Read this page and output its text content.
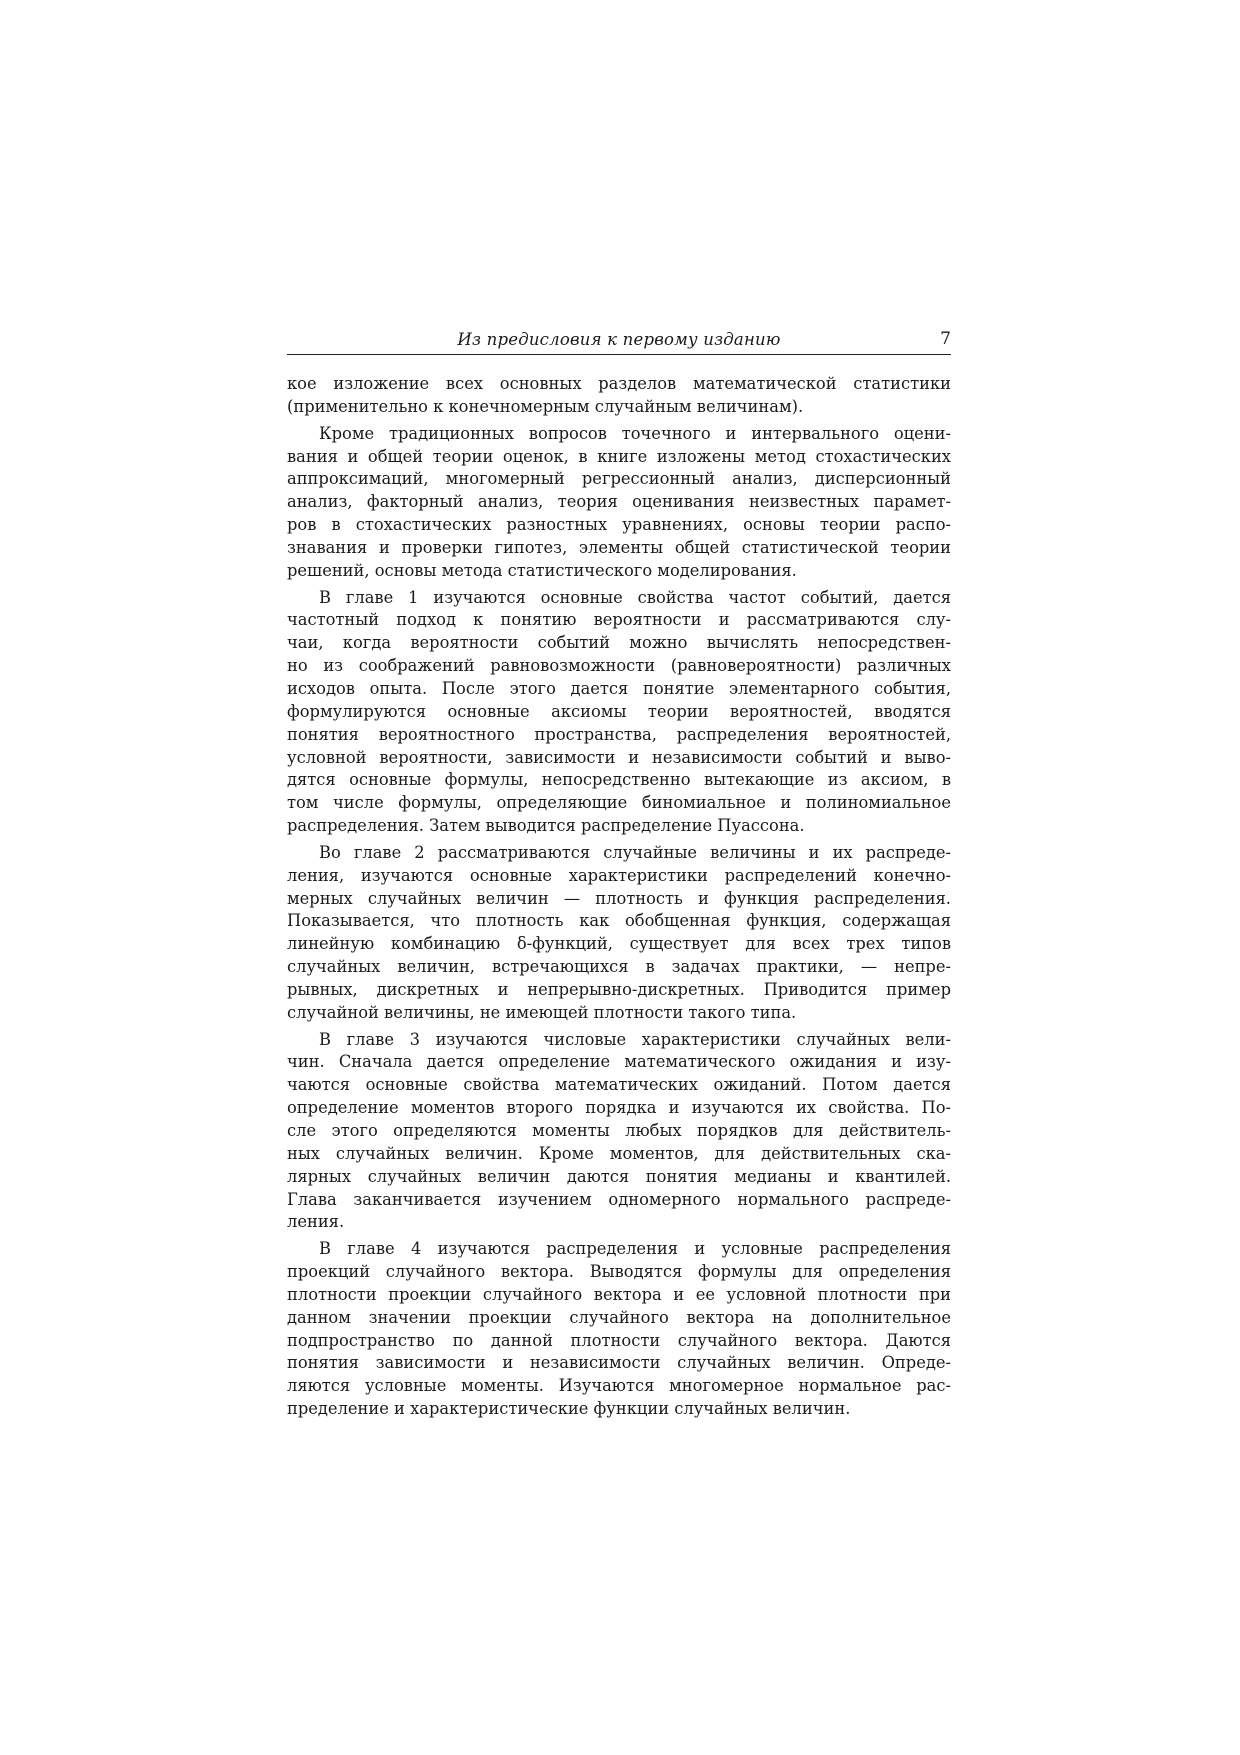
Из предисловия к первому изданию	7
кое изложение всех основных разделов математической статистики
(применительно к конечномерным случайным величинам).
Кроме традиционных вопросов точечного и интервального оцени-
вания и общей теории оценок, в книге изложены метод стохастических
аппроксимаций, многомерный регрессионный анализ, дисперсионный
анализ, факторный анализ, теория оценивания неизвестных парамет-
ров в стохастических разностных уравнениях, основы теории распо-
знавания и проверки гипотез, элементы общей статистической теории
решений, основы метода статистического моделирования.
В главе 1 изучаются основные свойства частот событий, дается
частотный подход к понятию вероятности и рассматриваются слу-
чаи, когда вероятности событий можно вычислять непосредствен-
но из соображений равновозможности (равновероятности) различных
исходов опыта. После этого дается понятие элементарного события,
формулируются основные аксиомы теории вероятностей, вводятся
понятия вероятностного пространства, распределения вероятностей,
условной вероятности, зависимости и независимости событий и выво-
дятся основные формулы, непосредственно вытекающие из аксиом, в
том числе формулы, определяющие биномиальное и полиномиальное
распределения. Затем выводится распределение Пуассона.
Во главе 2 рассматриваются случайные величины и их распреде-
ления, изучаются основные характеристики распределений конечно-
мерных случайных величин — плотность и функция распределения.
Показывается, что плотность как обобщенная функция, содержащая
линейную комбинацию δ-функций, существует для всех трех типов
случайных величин, встречающихся в задачах практики, — непре-
рывных, дискретных и непрерывно-дискретных. Приводится пример
случайной величины, не имеющей плотности такого типа.
В главе 3 изучаются числовые характеристики случайных вели-
чин. Сначала дается определение математического ожидания и изу-
чаются основные свойства математических ожиданий. Потом дается
определение моментов второго порядка и изучаются их свойства. По-
сле этого определяются моменты любых порядков для действитель-
ных случайных величин. Кроме моментов, для действительных ска-
лярных случайных величин даются понятия медианы и квантилей.
Глава заканчивается изучением одномерного нормального распреде-
ления.
В главе 4 изучаются распределения и условные распределения
проекций случайного вектора. Выводятся формулы для определения
плотности проекции случайного вектора и ее условной плотности при
данном значении проекции случайного вектора на дополнительное
подпространство по данной плотности случайного вектора. Даются
понятия зависимости и независимости случайных величин. Опреде-
ляются условные моменты. Изучаются многомерное нормальное рас-
пределение и характеристические функции случайных величин.
